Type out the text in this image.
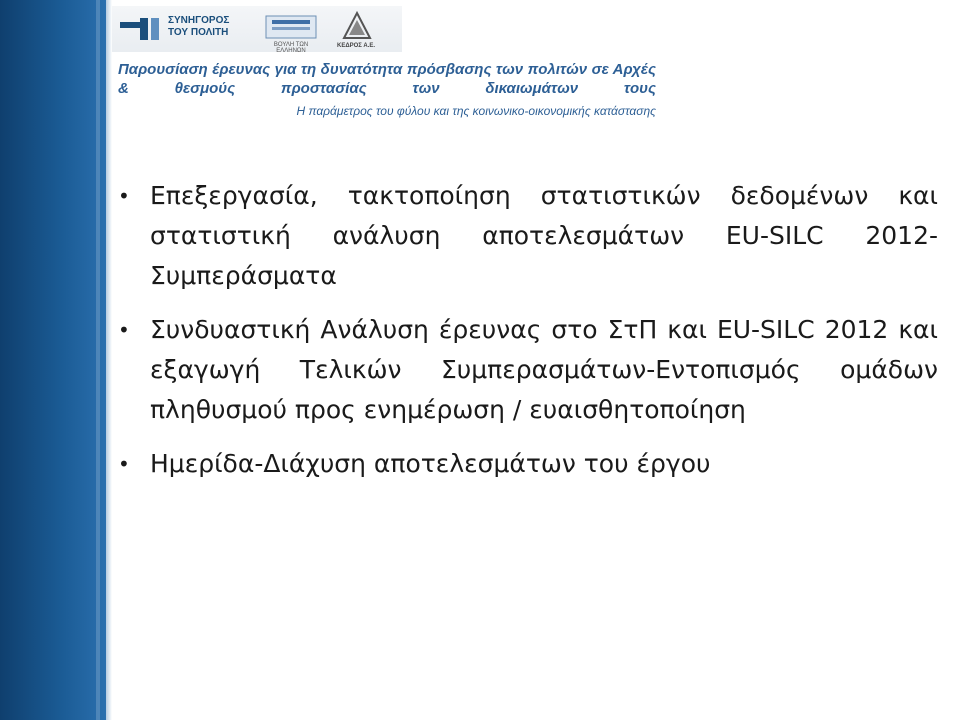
ΣΥΝΗΓΟΡΟΣ
ΤΟΥ ΠΟΛΙΤΗ
ΒΟΥΛΗ ΤΩΝ ΕΛΛΗΝΩΝ
ΚΕΔΡΟΣ Α.Ε.
Παρουσίαση έρευνας για τη δυνατότητα πρόσβασης των πολιτών σε Αρχές & θεσμούς προστασίας των δικαιωμάτων τους
Η παράμετρος του φύλου και της κοινωνικο-οικονομικής κατάστασης
• Επεξεργασία, τακτοποίηση στατιστικών δεδομένων και στατιστική ανάλυση αποτελεσμάτων EU-SILC 2012-Συμπεράσματα
• Συνδυαστική Ανάλυση έρευνας στο ΣτΠ και EU-SILC 2012 και εξαγωγή Τελικών Συμπερασμάτων-Εντοπισμός ομάδων πληθυσμού προς ενημέρωση / ευαισθητοποίηση
• Ημερίδα-Διάχυση αποτελεσμάτων του έργου
